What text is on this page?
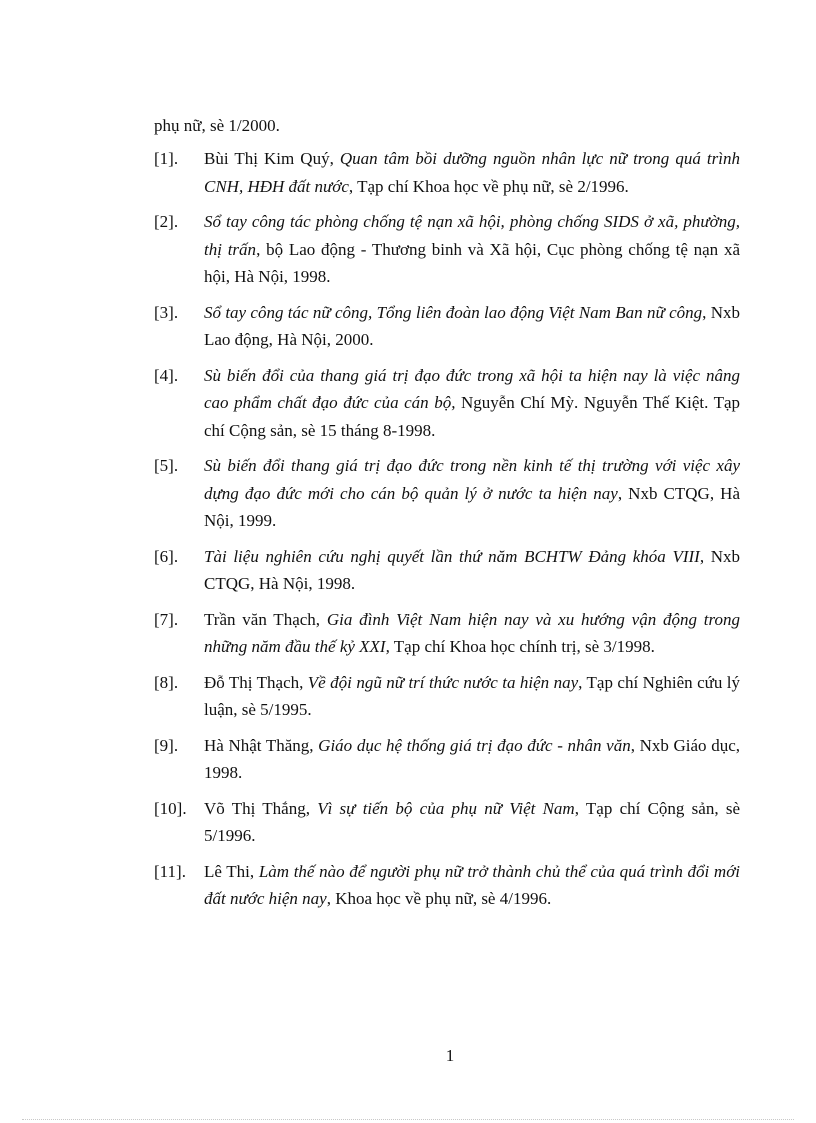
phụ nữ, sè 1/2000.

[1].	Bùi Thị Kim Quý, Quan tâm bồi dưỡng nguồn nhân lực nữ trong quá trình CNH, HĐH đất nước, Tạp chí Khoa học về phụ nữ, sè 2/1996.
[2].	Sổ tay công tác phòng chống tệ nạn xã hội, phòng chống SIDS ở xã, phường, thị trấn, bộ Lao động - Thương binh và Xã hội, Cục phòng chống tệ nạn xã hội, Hà Nội, 1998.
[3].	Sổ tay công tác nữ công, Tổng liên đoàn lao động Việt Nam Ban nữ công, Nxb Lao động, Hà Nội, 2000.
[4].	Sù biến đổi của thang giá trị đạo đức trong xã hội ta hiện nay là việc nâng cao phẩm chất đạo đức của cán bộ, Nguyễn Chí Mỳ. Nguyễn Thế Kiệt. Tạp chí Cộng sản, sè 15 tháng 8-1998.
[5].	Sù biến đổi thang giá trị đạo đức trong nền kinh tế thị trường với việc xây dựng đạo đức mới cho cán bộ quản lý ở nước ta hiện nay, Nxb CTQG, Hà Nội, 1999.
[6].	Tài liệu nghiên cứu nghị quyết lần thứ năm BCHTW Đảng khóa VIII, Nxb CTQG, Hà Nội, 1998.
[7].	Trần văn Thạch, Gia đình Việt Nam hiện nay và xu hướng vận động trong những năm đầu thế kỷ XXI, Tạp chí Khoa học chính trị, sè 3/1998.
[8].	Đỗ Thị Thạch, Về đội ngũ nữ trí thức nước ta hiện nay, Tạp chí Nghiên cứu lý luận, sè 5/1995.
[9].	Hà Nhật Thăng, Giáo dục hệ thống giá trị đạo đức - nhân văn, Nxb Giáo dục, 1998.
[10].	Võ Thị Thắng, Vì sự tiến bộ của phụ nữ Việt Nam, Tạp chí Cộng sản, sè 5/1996.
[11].	Lê Thi, Làm thế nào để người phụ nữ trở thành chủ thể của quá trình đổi mới đất nước hiện nay, Khoa học về phụ nữ, sè 4/1996.

1
